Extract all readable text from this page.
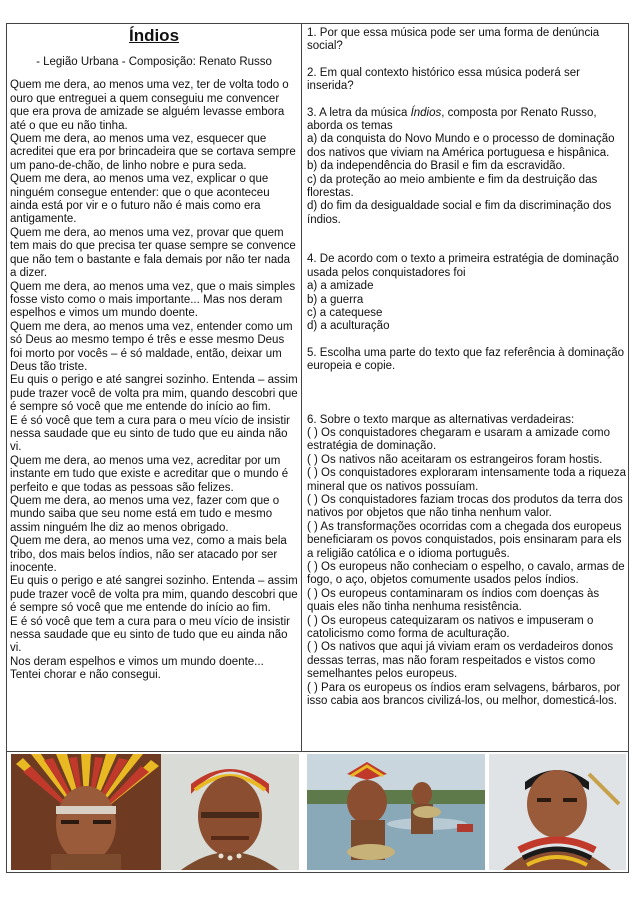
Índios
- Legião Urbana - Composição: Renato Russo

Quem me dera, ao menos uma vez, ter de volta todo o ouro que entreguei a quem conseguiu me convencer que era prova de amizade se alguém levasse embora até o que eu não tinha.

Quem me dera, ao menos uma vez, esquecer que acreditei que era por brincadeira que se cortava sempre um pano-de-chão, de linho nobre e pura seda.

Quem me dera, ao menos uma vez, explicar o que ninguém consegue entender: que o que aconteceu ainda está por vir e o futuro não é mais como era antigamente.

Quem me dera, ao menos uma vez, provar que quem tem mais do que precisa ter quase sempre se convence que não tem o bastante e fala demais por não ter nada a dizer.

Quem me dera, ao menos uma vez, que o mais simples fosse visto como o mais importante... Mas nos deram espelhos e vimos um mundo doente.

Quem me dera, ao menos uma vez, entender como um só Deus ao mesmo tempo é três e esse mesmo Deus foi morto por vocês – é só maldade, então, deixar um Deus tão triste.

Eu quis o perigo e até sangrei sozinho. Entenda – assim pude trazer você de volta pra mim, quando descobri que é sempre só você que me entende do início ao fim.

E é só você que tem a cura para o meu vício de insistir nessa saudade que eu sinto de tudo que eu ainda não vi.

Quem me dera, ao menos uma vez, acreditar por um instante em tudo que existe e acreditar que o mundo é perfeito e que todas as pessoas são felizes.

Quem me dera, ao menos uma vez, fazer com que o mundo saiba que seu nome está em tudo e mesmo assim ninguém lhe diz ao menos obrigado.

Quem me dera, ao menos uma vez, como a mais bela tribo, dos mais belos índios, não ser atacado por ser inocente.

Eu quis o perigo e até sangrei sozinho. Entenda – assim pude trazer você de volta pra mim, quando descobri que é sempre só você que me entende do início ao fim.

E é só você que tem a cura para o meu vício de insistir nessa saudade que eu sinto de tudo que eu ainda não vi.

Nos deram espelhos e vimos um mundo doente...

Tentei chorar e não consegui.

1. Por que essa música pode ser uma forma de denúncia social?

2. Em qual contexto histórico essa música poderá ser inserida?

3. A letra da música Índios, composta por Renato Russo, aborda os temas

a) da conquista do Novo Mundo e o processo de dominação dos nativos que viviam na América portuguesa e hispânica.

b) da independência do Brasil e fim da escravidão.

c) da proteção ao meio ambiente e fim da destruição das florestas.

d) do fim da desigualdade social e fim da discriminação dos índios.

4. De acordo com o texto a primeira estratégia de dominação usada pelos conquistadores foi

a) a amizade

b) a guerra

c) a catequese

d) a aculturação

5. Escolha uma parte do texto que faz referência à dominação europeia e copie.

6. Sobre o texto marque as alternativas verdadeiras:

( ) Os conquistadores chegaram e usaram a amizade como estratégia de dominação.

( ) Os nativos não aceitaram os estrangeiros foram hostis.

( ) Os conquistadores exploraram intensamente toda a riqueza mineral que os nativos possuíam.

( ) Os conquistadores faziam trocas dos produtos da terra dos nativos por objetos que não tinha nenhum valor.

( ) As transformações ocorridas com a chegada dos europeus beneficiaram os povos conquistados, pois ensinaram para els a religião católica e o idioma português.

( ) Os europeus não conheciam o espelho, o cavalo, armas de fogo, o aço, objetos comumente usados pelos índios.

( ) Os europeus contaminaram os índios com doenças às quais eles não tinha nenhuma resistência.

( ) Os europeus catequizaram os nativos e impuseram o catolicismo como forma de aculturação.

( ) Os nativos que aqui já viviam eram os verdadeiros donos dessas terras, mas não foram respeitados e vistos como semelhantes pelos europeus.

( ) Para os europeus os índios eram selvagens, bárbaros, por isso cabia aos brancos civilizá-los, ou melhor, domesticá-los.
